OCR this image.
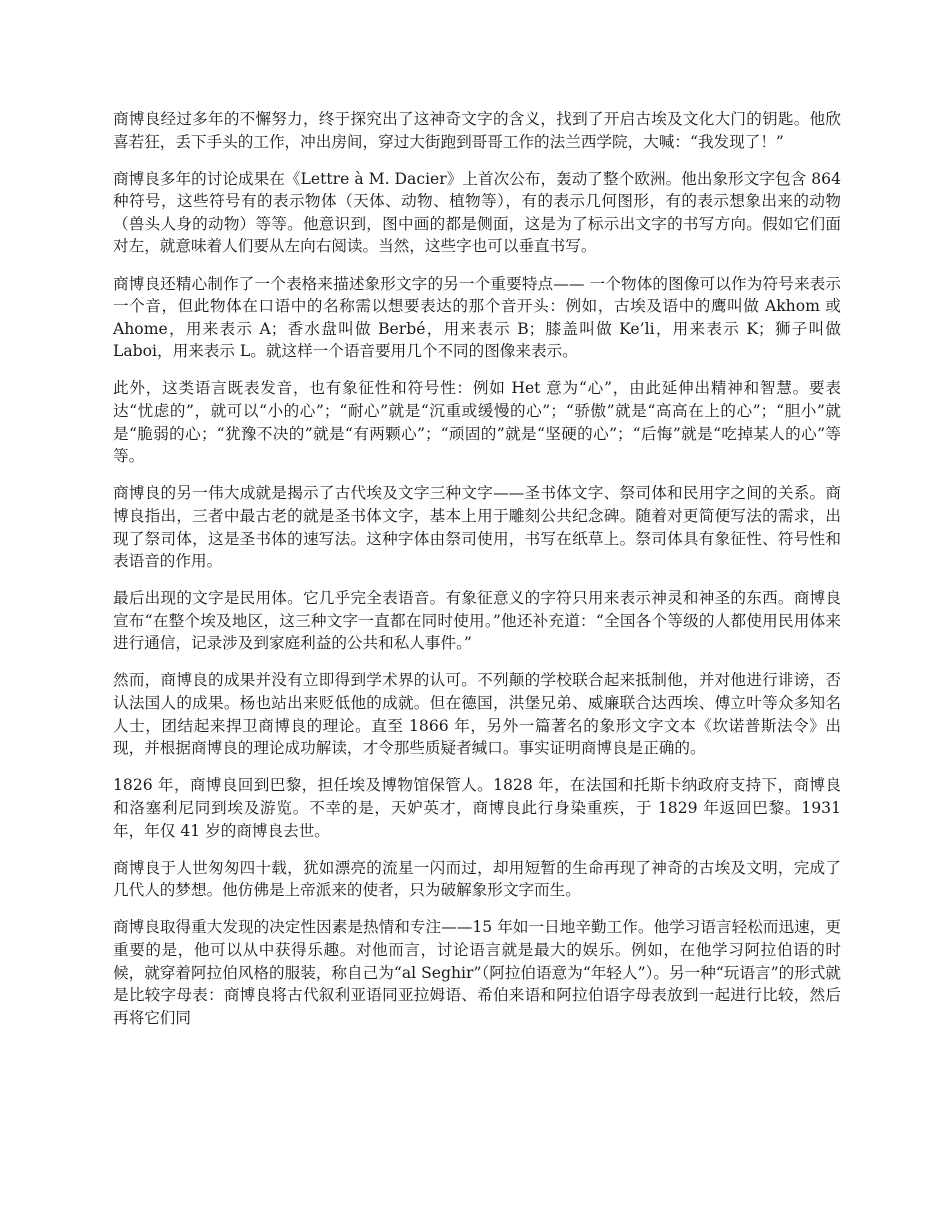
商博良经过多年的不懈努力，终于探究出了这神奇文字的含义，找到了开启古埃及文化大门的钥匙。他欣喜若狂，丢下手头的工作，冲出房间，穿过大街跑到哥哥工作的法兰西学院，大喊：“我发现了！”

商博良多年的讨论成果在《Lettre à M. Dacier》上首次公布，轰动了整个欧洲。他出象形文字包含 864 种符号，这些符号有的表示物体（天体、动物、植物等），有的表示几何图形，有的表示想象出来的动物（兽头人身的动物）等等。他意识到，图中画的都是侧面，这是为了标示出文字的书写方向。假如它们面对左，就意味着人们要从左向右阅读。当然，这些字也可以垂直书写。

商博良还精心制作了一个表格来描述象形文字的另一个重要特点—— 一个物体的图像可以作为符号来表示一个音，但此物体在口语中的名称需以想要表达的那个音开头：例如，古埃及语中的鹰叫做 Akhom 或 Ahome，用来表示 A；香水盘叫做 Berbé，用来表示 B；膝盖叫做 Ke’li，用来表示 K；狮子叫做 Laboi，用来表示 L。就这样一个语音要用几个不同的图像来表示。

此外，这类语言既表发音，也有象征性和符号性：例如 Het 意为“心”，由此延伸出精神和智慧。要表达“忧虑的”，就可以“小的心”；“耐心”就是“沉重或缓慢的心”；“骄傲”就是“高高在上的心”；“胆小”就是“脆弱的心；“犹豫不决的”就是“有两颗心”；“顽固的”就是“坚硬的心”；“后悔”就是“吃掉某人的心”等等。

商博良的另一伟大成就是揭示了古代埃及文字三种文字——圣书体文字、祭司体和民用字之间的关系。商博良指出，三者中最古老的就是圣书体文字，基本上用于雕刻公共纪念碑。随着对更简便写法的需求，出现了祭司体，这是圣书体的速写法。这种字体由祭司使用，书写在纸草上。祭司体具有象征性、符号性和表语音的作用。

最后出现的文字是民用体。它几乎完全表语音。有象征意义的字符只用来表示神灵和神圣的东西。商博良宣布“在整个埃及地区，这三种文字一直都在同时使用。”他还补充道：“全国各个等级的人都使用民用体来进行通信，记录涉及到家庭利益的公共和私人事件。”

然而，商博良的成果并没有立即得到学术界的认可。不列颠的学校联合起来抵制他，并对他进行诽谤，否认法国人的成果。杨也站出来贬低他的成就。但在德国，洪堡兄弟、威廉联合达西埃、傅立叶等众多知名人士，团结起来捍卫商博良的理论。直至 1866 年，另外一篇著名的象形文字文本《坎诺普斯法令》出现，并根据商博良的理论成功解读，才令那些质疑者缄口。事实证明商博良是正确的。

1826 年，商博良回到巴黎，担任埃及博物馆保管人。1828 年，在法国和托斯卡纳政府支持下，商博良和洛塞利尼同到埃及游览。不幸的是，天妒英才，商博良此行身染重疾，于 1829 年返回巴黎。1931 年，年仅 41 岁的商博良去世。

商博良于人世匆匆四十载，犹如漂亮的流星一闪而过，却用短暂的生命再现了神奇的古埃及文明，完成了几代人的梦想。他仿佛是上帝派来的使者，只为破解象形文字而生。

商博良取得重大发现的决定性因素是热情和专注——15 年如一日地辛勤工作。他学习语言轻松而迅速，更重要的是，他可以从中获得乐趣。对他而言，讨论语言就是最大的娱乐。例如，在他学习阿拉伯语的时候，就穿着阿拉伯风格的服装，称自己为“al Seghir”（阿拉伯语意为“年轻人”）。另一种“玩语言”的形式就是比较字母表：商博良将古代叙利亚语同亚拉姆语、希伯来语和阿拉伯语字母表放到一起进行比较，然后再将它们同
